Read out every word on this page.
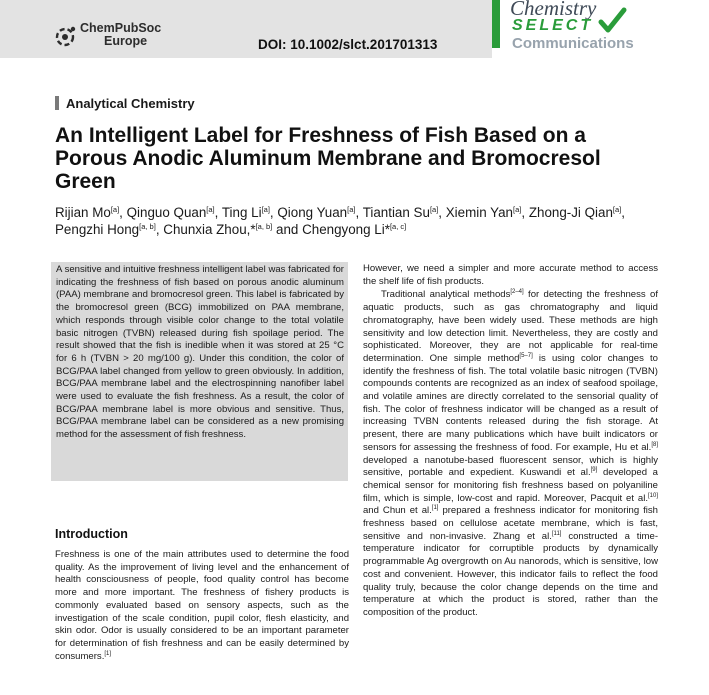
ChemPubSoc
Europe	DOI: 10.1002/slct.201701313
Chemistry
SELECT
Communications
Analytical Chemistry
An Intelligent Label for Freshness of Fish Based on a Porous Anodic Aluminum Membrane and Bromocresol Green

Rijian Mo[a], Qinguo Quan[a], Ting Li[a], Qiong Yuan[a], Tiantian Su[a], Xiemin Yan[a], Zhong-Ji Qian[a], Pengzhi Hong[a, b], Chunxia Zhou,*[a, b] and Chengyong Li*[a, c]

A sensitive and intuitive freshness intelligent label was fabricated for indicating the freshness of fish based on porous anodic aluminum (PAA) membrane and bromocresol green. This label is fabricated by the bromocresol green (BCG) immobilized on PAA membrane, which responds through visible color change to the total volatile basic nitrogen (TVBN) released during fish spoilage period. The result showed that the fish is inedible when it was stored at 25 °C for 6 h (TVBN > 20 mg/100 g). Under this condition, the color of BCG/PAA label changed from yellow to green obviously. In addition, BCG/PAA membrane label and the electrospinning nanofiber label were used to evaluate the fish freshness. As a result, the color of BCG/PAA membrane label is more obvious and sensitive. Thus, BCG/PAA membrane label can be considered as a new promising method for the assessment of fish freshness.

Introduction

Freshness is one of the main attributes used to determine the food quality. As the improvement of living level and the enhancement of health consciousness of people, food quality control has become more and more important. The freshness of fishery products is commonly evaluated based on sensory aspects, such as the investigation of the scale condition, pupil color, flesh elasticity, and skin odor. Odor is usually considered to be an important parameter for determination of fish freshness and can be easily determined by consumers.[1]

However, we need a simpler and more accurate method to access the shelf life of fish products.

Traditional analytical methods[2–4] for detecting the freshness of aquatic products, such as gas chromatography and liquid chromatography, have been widely used. These methods are high sensitivity and low detection limit. Nevertheless, they are costly and sophisticated. Moreover, they are not applicable for real-time determination. One simple method[5–7] is using color changes to identify the freshness of fish. The total volatile basic nitrogen (TVBN) compounds contents are recognized as an index of seafood spoilage, and volatile amines are directly correlated to the sensorial quality of fish. The color of freshness indicator will be changed as a result of increasing TVBN contents released during the fish storage. At present, there are many publications which have built indicators or sensors for assessing the freshness of food. For example, Hu et al.[8] developed a nanotube-based fluorescent sensor, which is highly sensitive, portable and expedient. Kuswandi et al.[9] developed a chemical sensor for monitoring fish freshness based on polyaniline film, which is simple, low-cost and rapid. Moreover, Pacquit et al.[10] and Chun et al.[1] prepared a freshness indicator for monitoring fish freshness based on cellulose acetate membrane, which is fast, sensitive and non-invasive. Zhang et al.[11] constructed a time-temperature indicator for corruptible products by dynamically programmable Ag overgrowth on Au nanorods, which is sensitive, low cost and convenient. However, this indicator fails to reflect the food quality truly, because the color change depends on the time and temperature at which the product is stored, rather than the composition of the product.
